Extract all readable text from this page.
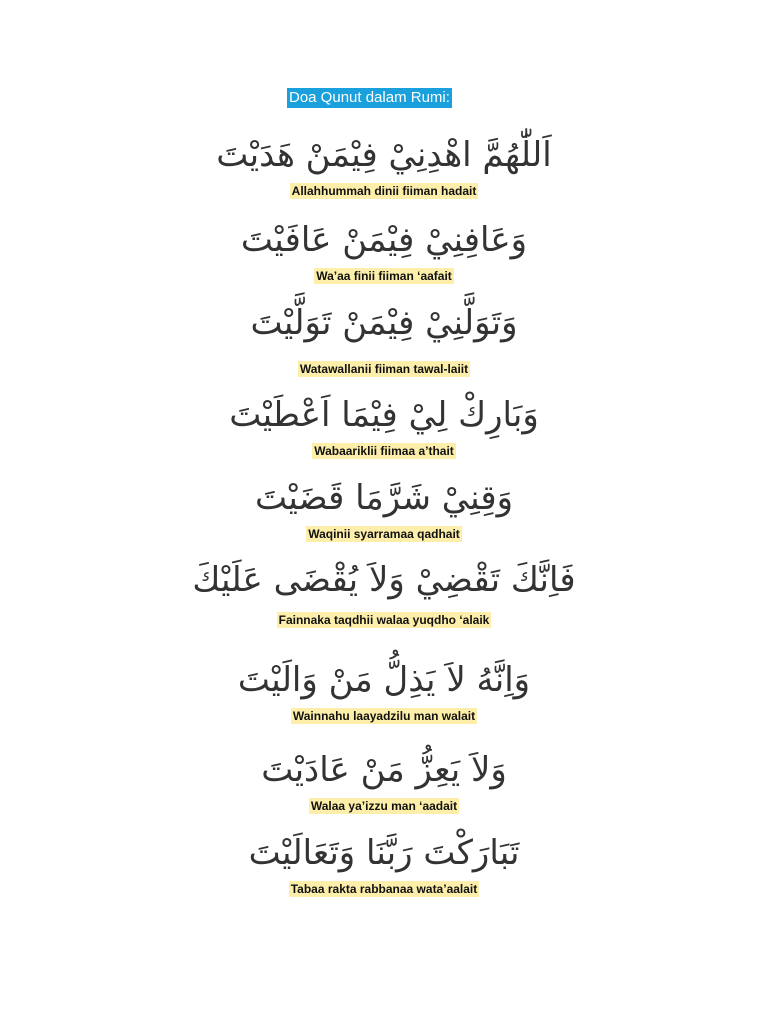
Doa Qunut dalam Rumi:
اَللّٰهُمَّ اهْدِنِيْ فِيْمَنْ هَدَيْتَ
Allahhummah dinii fiiman hadait
وَعَافِنِيْ فِيْمَنْ عَافَيْتَ
Wa’aa finii fiiman ‘aafait
وَتَوَلَّنِيْ فِيْمَنْ تَوَلَّيْتَ
Watawallanii fiiman tawal-laiit
وَبَارِكْ لِيْ فِيْمَا اَعْطَيْتَ
Wabaariklii fiimaa a’thait
وَقِنِيْ شَرَّمَا قَضَيْتَ
Waqinii syarramaa qadhait
فَاِنَّكَ تَقْضِيْ وَلاَ يُقْضَى عَلَيْكَ
Fainnaka taqdhii walaa yuqdho ‘alaik
وَاِنَّهُ لاَ يَذِلُّ مَنْ وَالَيْتَ
Wainnahu laayadzilu man walait
وَلاَ يَعِزُّ مَنْ عَادَيْتَ
Walaa ya’izzu man ‘aadait
تَبَارَكْتَ رَبَّنَا وَتَعَالَيْتَ
Tabaa rakta rabbanaa wata’aalait
